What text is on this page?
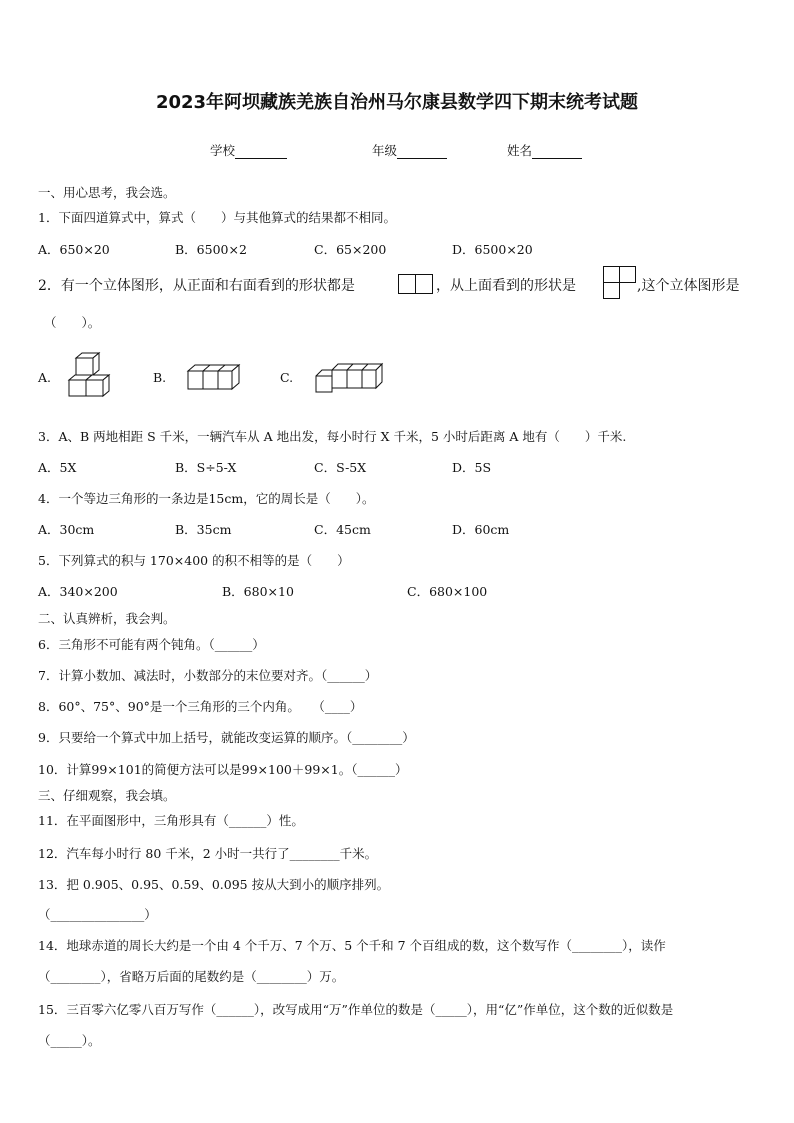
2023年阿坝藏族羌族自治州马尔康县数学四下期末统考试题
学校	年级	姓名
一、用心思考，我会选。
1．下面四道算式中，算式（　　）与其他算式的结果都不相同。
A．650×20	B．6500×2	C．65×200	D．6500×20
2．有一个立体图形，从正面和右面看到的形状都是	，从上面看到的形状是	,这个立体图形是
（　　）。
A.	B.	C.
3．A、B 两地相距 S 千米，一辆汽车从 A 地出发，每小时行 X 千米，5 小时后距离 A 地有（　　）千米.
A．5X	B．S÷5-X	C．S-5X	D．5S
4．一个等边三角形的一条边是15cm，它的周长是（　　）。
A．30cm	B．35cm	C．45cm	D．60cm
5．下列算式的积与 170×400 的积不相等的是（　　）
A．340×200	B．680×10	C．680×100
二、认真辨析，我会判。
6．三角形不可能有两个钝角。（______）
7．计算小数加、减法时，小数部分的末位要对齐。（______）
8．60°、75°、90°是一个三角形的三个内角。　　（____）
9．只要给一个算式中加上括号，就能改变运算的顺序。（________）
10．计算99×101的简便方法可以是99×100＋99×1。（______）
三、仔细观察，我会填。
11．在平面图形中，三角形具有（______）性。
12．汽车每小时行 80 千米，2 小时一共行了________千米。
13．把 0.905、0.95、0.59、0.095 按从大到小的顺序排列。
（_______________）
14．地球赤道的周长大约是一个由 4 个千万、7 个万、5 个千和 7 个百组成的数，这个数写作（________），读作
（________），省略万后面的尾数约是（________）万。
15．三百零六亿零八百万写作（______），改写成用“万”作单位的数是（_____），用“亿”作单位，这个数的近似数是
（_____）。
